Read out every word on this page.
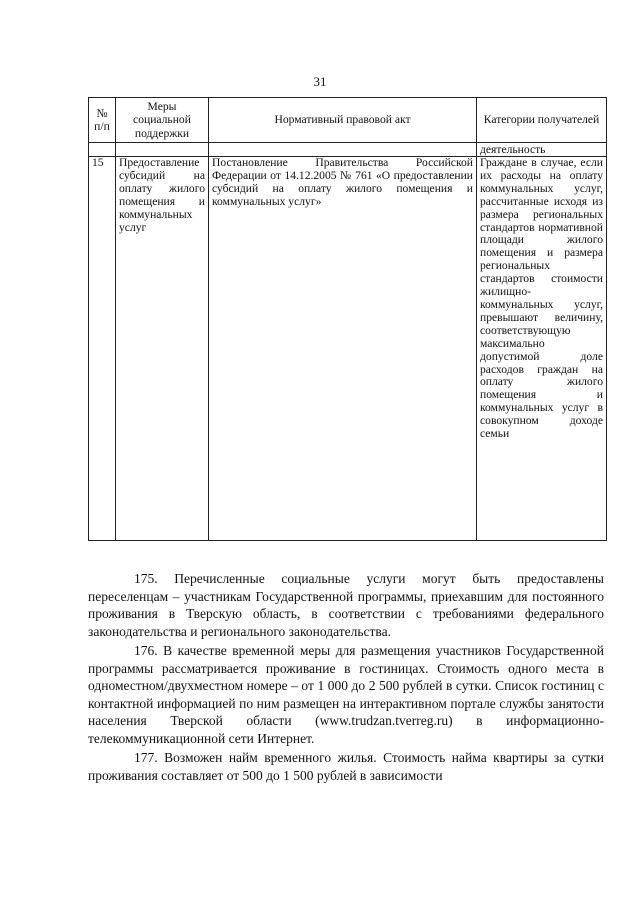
31
№ п/п	Меры социальной поддержки	Нормативный правовой акт	Категории получателей
			деятельность
15	Предоставление субсидий на оплату жилого помещения и коммунальных услуг	Постановление Правительства Российской Федерации от 14.12.2005 № 761 «О предоставлении субсидий на оплату жилого помещения и коммунальных услуг»	Граждане в случае, если их расходы на оплату коммунальных услуг, рассчитанные исходя из размера региональных стандартов нормативной площади жилого помещения и размера региональных стандартов стоимости жилищно-коммунальных услуг, превышают величину, соответствующую максимально допустимой доле расходов граждан на оплату жилого помещения и коммунальных услуг в совокупном доходе семьи

175. Перечисленные социальные услуги могут быть предоставлены переселенцам – участникам Государственной программы, приехавшим для постоянного проживания в Тверскую область, в соответствии с требованиями федерального законодательства и регионального законодательства.

176. В качестве временной меры для размещения участников Государственной программы рассматривается проживание в гостиницах. Стоимость одного места в одноместном/двухместном номере – от 1 000 до 2 500 рублей в сутки. Список гостиниц с контактной информацией по ним размещен на интерактивном портале службы занятости населения Тверской области (www.trudzan.tverreg.ru) в информационно-телекоммуникационной сети Интернет.

177. Возможен найм временного жилья. Стоимость найма квартиры за сутки проживания составляет от 500 до 1 500 рублей в зависимости
